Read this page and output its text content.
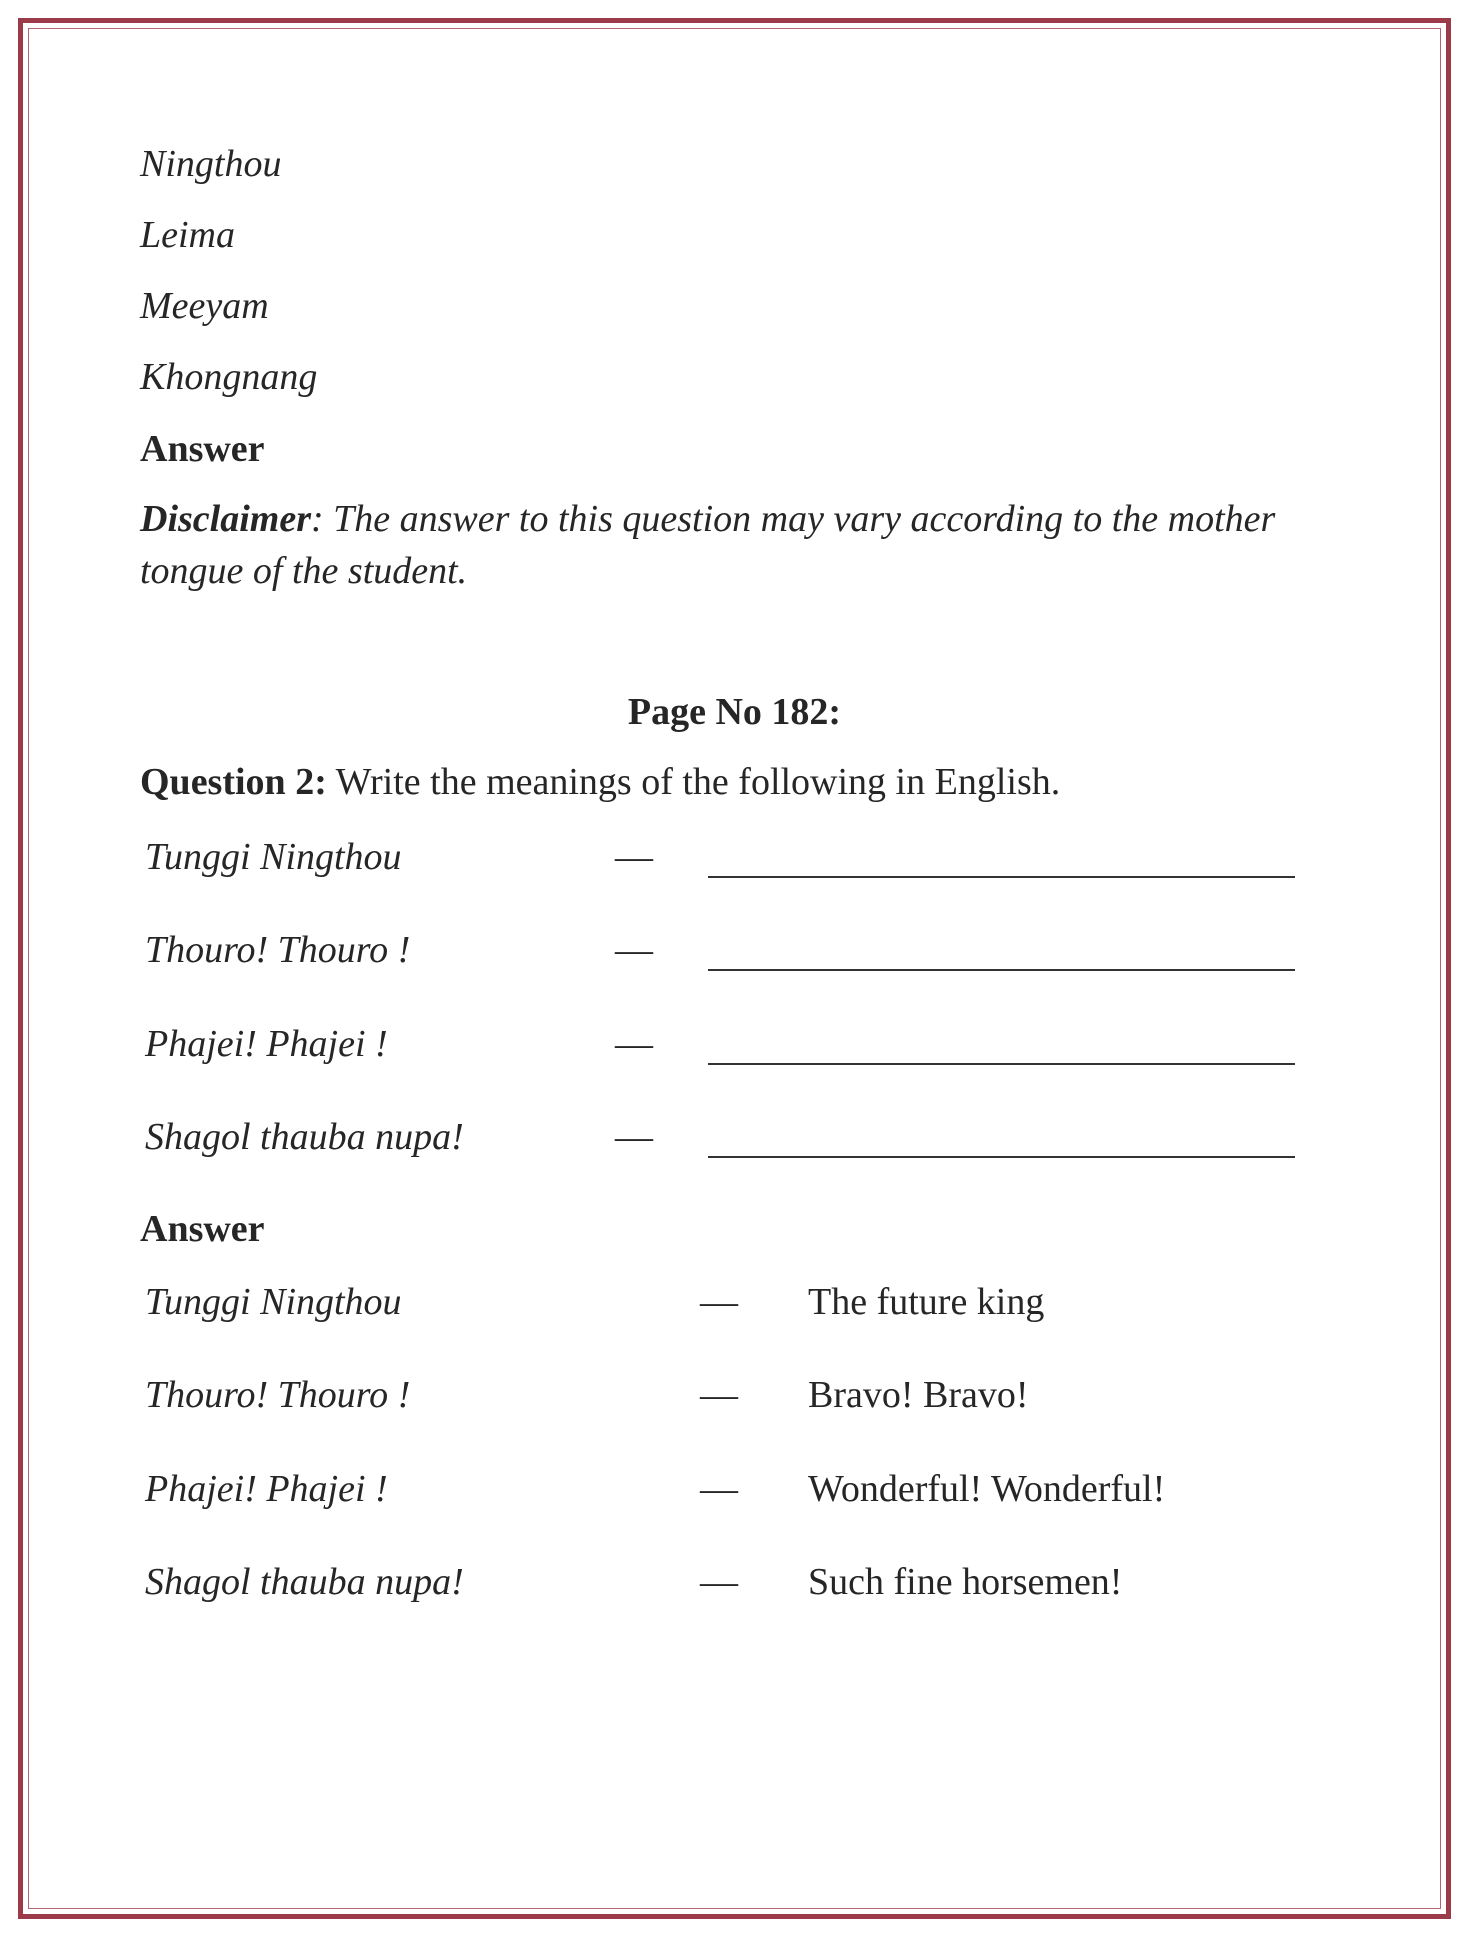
Ningthou
Leima
Meeyam
Khongnang
Answer
Disclaimer: The answer to this question may vary according to the mother
tongue of the student.
Page No 182:
Question 2: Write the meanings of the following in English.
Tunggi Ningthou	—
Thouro! Thouro !	—
Phajei! Phajei !	—
Shagol thauba nupa!	—
Answer
Tunggi Ningthou	— The future king
Thouro! Thouro !	— Bravo! Bravo!
Phajei! Phajei !	— Wonderful! Wonderful!
Shagol thauba nupa!	— Such fine horsemen!
